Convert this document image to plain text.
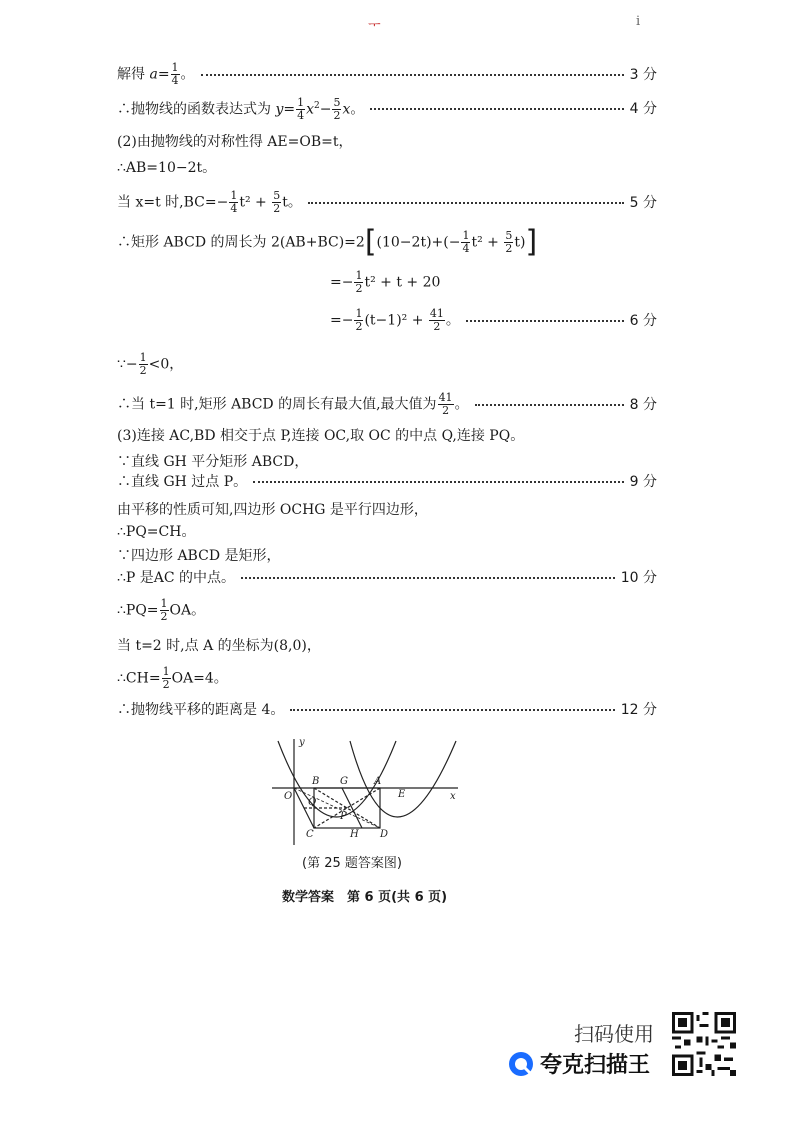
ᅮ	i
解得 $a= \frac{1}{4}$ 。	3 分
∴抛物线的函数表达式为 $y= \frac{1}{4} x^2- \frac{5}{2}$ x。	4 分
(2)由抛物线的对称性得 AE=OB=t，
∴AB=10−2t。
当 x=t 时$,BC=- \frac{1}{4} t^2 + \frac{5}{2}$ t。	5 分
∴矩形 ABCD 的周长为 $2(AB+BC)=2[(10-2t)+(- \frac{1}{4} t^2 + \frac{5}{2} t)]$
=− $\frac{1}{2} t^2 + t + 20$
=− $\frac{1}{2} (t-1)^2 + \frac{41}{2}$ 。	6 分
∵− $\frac{1}{2} <0$，
∴当 t=1 时,矩形 ABCD 的周长有最大值,最大值为 $\frac{41}{2}$ 。	8 分
(3)连接 AC,BD 相交于点 P,连接 OC,取 OC 的中点 Q,连接 PQ。
∵直线 GH 平分矩形 ABCD，
∴直线 GH 过点 P。	9 分
由平移的性质可知,四边形 OCHG 是平行四边形，
∴PQ=CH。
∵四边形 ABCD 是矩形，
∴P 是AC 的中点。	10 分
∴PQ= $\frac{1}{2}$ OA。
当 t=2 时,点 A 的坐标为(8,0)，
∴CH= $\frac{1}{2} OA=4$。
∴抛物线平移的距离是 4。	12 分
y
x
O
B G	A
E
Q
P
C	H D
(第 25 题答案图)
数学答案　第 6 页(共 6 页)
扫码使用
夸克扫描王
